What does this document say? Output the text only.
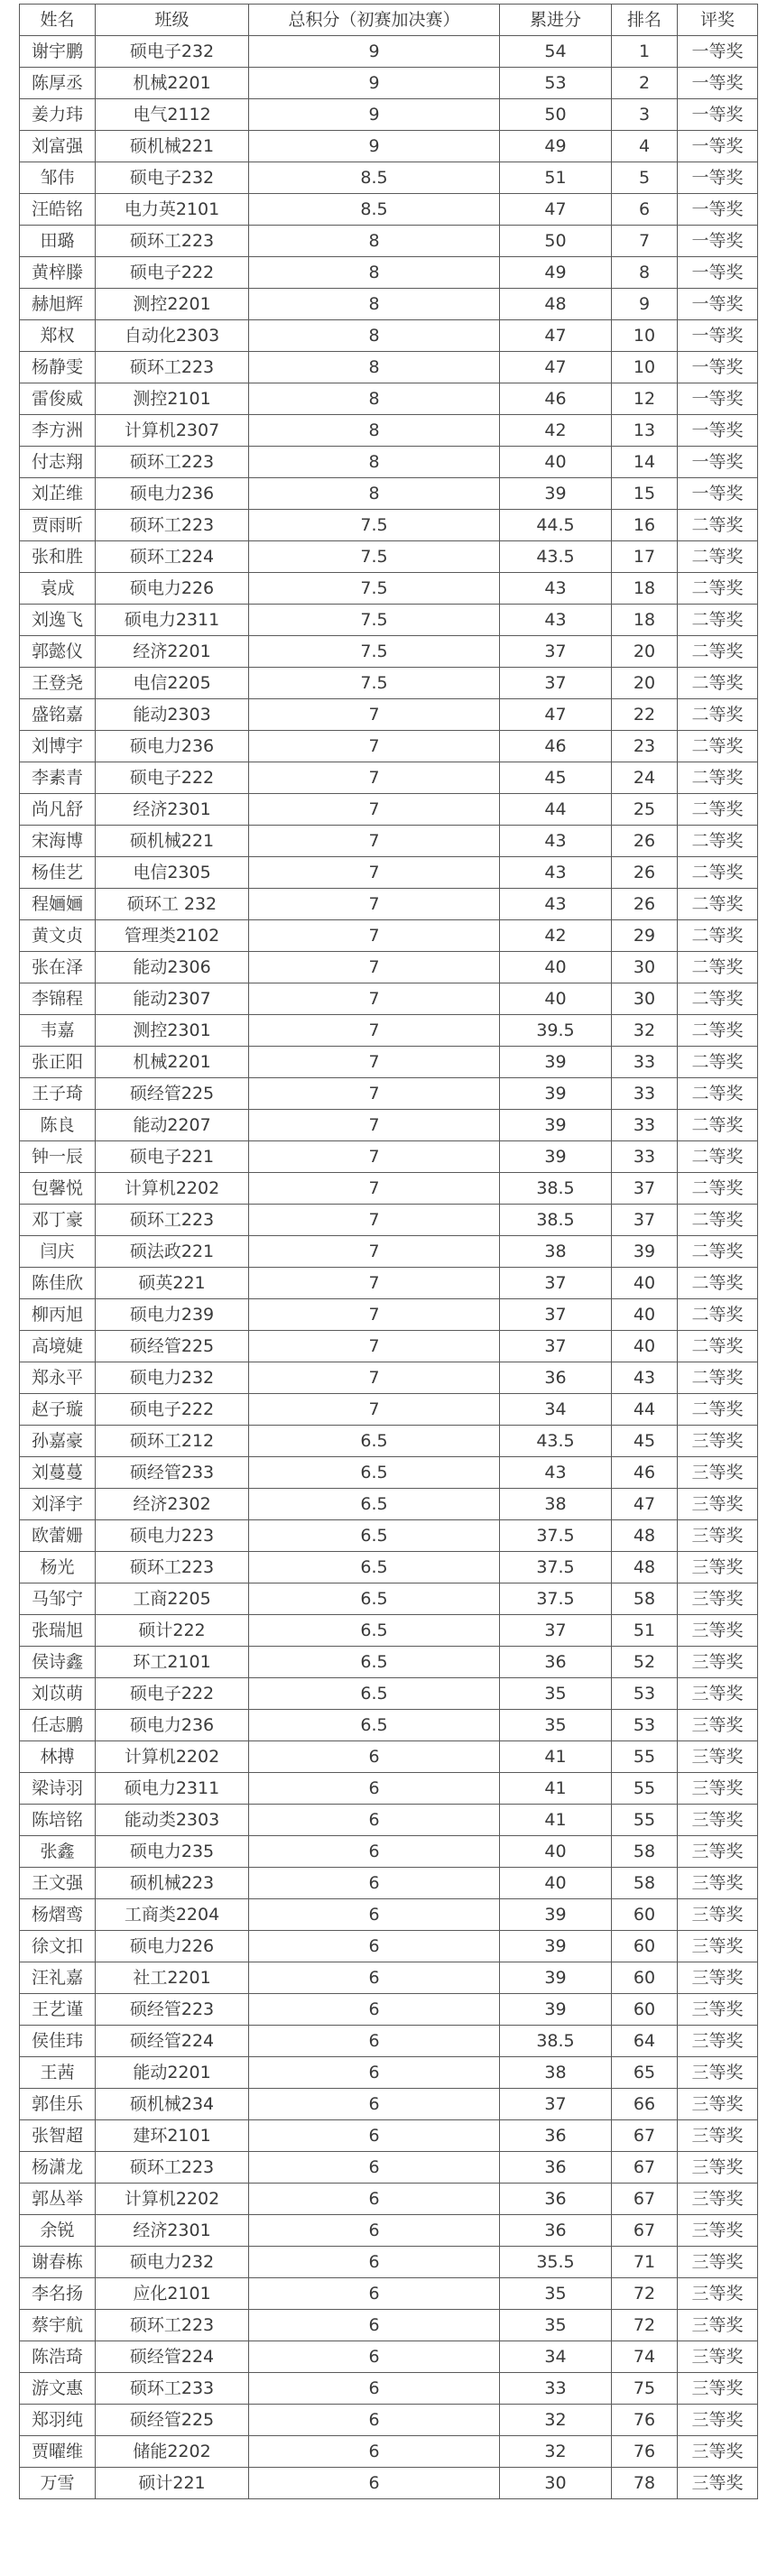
姓名	班级	总积分（初赛加决赛）	累进分	排名	评奖
谢宇鹏	硕电子232	9	54	1	一等奖
陈厚丞	机械2201	9	53	2	一等奖
姜力玮	电气2112	9	50	3	一等奖
刘富强	硕机械221	9	49	4	一等奖
邹伟	硕电子232	8.5	51	5	一等奖
汪皓铭	电力英2101	8.5	47	6	一等奖
田璐	硕环工223	8	50	7	一等奖
黄梓滕	硕电子222	8	49	8	一等奖
赫旭辉	测控2201	8	48	9	一等奖
郑权	自动化2303	8	47	10	一等奖
杨静雯	硕环工223	8	47	10	一等奖
雷俊威	测控2101	8	46	12	一等奖
李方洲	计算机2307	8	42	13	一等奖
付志翔	硕环工223	8	40	14	一等奖
刘芷维	硕电力236	8	39	15	一等奖
贾雨昕	硕环工223	7.5	44.5	16	二等奖
张和胜	硕环工224	7.5	43.5	17	二等奖
袁成	硕电力226	7.5	43	18	二等奖
刘逸飞	硕电力2311	7.5	43	18	二等奖
郭懿仪	经济2201	7.5	37	20	二等奖
王登尧	电信2205	7.5	37	20	二等奖
盛铭嘉	能动2303	7	47	22	二等奖
刘博宇	硕电力236	7	46	23	二等奖
李素青	硕电子222	7	45	24	二等奖
尚凡舒	经济2301	7	44	25	二等奖
宋海博	硕机械221	7	43	26	二等奖
杨佳艺	电信2305	7	43	26	二等奖
程婳婳	硕环工 232	7	43	26	二等奖
黄文贞	管理类2102	7	42	29	二等奖
张在泽	能动2306	7	40	30	二等奖
李锦程	能动2307	7	40	30	二等奖
韦嘉	测控2301	7	39.5	32	二等奖
张正阳	机械2201	7	39	33	二等奖
王子琦	硕经管225	7	39	33	二等奖
陈良	能动2207	7	39	33	二等奖
钟一辰	硕电子221	7	39	33	二等奖
包馨悦	计算机2202	7	38.5	37	二等奖
邓丁豪	硕环工223	7	38.5	37	二等奖
闫庆	硕法政221	7	38	39	二等奖
陈佳欣	硕英221	7	37	40	二等奖
柳丙旭	硕电力239	7	37	40	二等奖
高境婕	硕经管225	7	37	40	二等奖
郑永平	硕电力232	7	36	43	二等奖
赵子璇	硕电子222	7	34	44	二等奖
孙嘉豪	硕环工212	6.5	43.5	45	三等奖
刘蔓蔓	硕经管233	6.5	43	46	三等奖
刘泽宇	经济2302	6.5	38	47	三等奖
欧蕾姗	硕电力223	6.5	37.5	48	三等奖
杨光	硕环工223	6.5	37.5	48	三等奖
马邹宁	工商2205	6.5	37.5	58	三等奖
张瑞旭	硕计222	6.5	37	51	三等奖
侯诗鑫	环工2101	6.5	36	52	三等奖
刘苡萌	硕电子222	6.5	35	53	三等奖
任志鹏	硕电力236	6.5	35	53	三等奖
林搏	计算机2202	6	41	55	三等奖
梁诗羽	硕电力2311	6	41	55	三等奖
陈培铭	能动类2303	6	41	55	三等奖
张鑫	硕电力235	6	40	58	三等奖
王文强	硕机械223	6	40	58	三等奖
杨熠鸾	工商类2204	6	39	60	三等奖
徐文扣	硕电力226	6	39	60	三等奖
汪礼嘉	社工2201	6	39	60	三等奖
王艺谨	硕经管223	6	39	60	三等奖
侯佳玮	硕经管224	6	38.5	64	三等奖
王茜	能动2201	6	38	65	三等奖
郭佳乐	硕机械234	6	37	66	三等奖
张智超	建环2101	6	36	67	三等奖
杨潇龙	硕环工223	6	36	67	三等奖
郭丛举	计算机2202	6	36	67	三等奖
余锐	经济2301	6	36	67	三等奖
谢春栋	硕电力232	6	35.5	71	三等奖
李名扬	应化2101	6	35	72	三等奖
蔡宇航	硕环工223	6	35	72	三等奖
陈浩琦	硕经管224	6	34	74	三等奖
游文惠	硕环工233	6	33	75	三等奖
郑羽纯	硕经管225	6	32	76	三等奖
贾曜维	储能2202	6	32	76	三等奖
万雪	硕计221	6	30	78	三等奖
